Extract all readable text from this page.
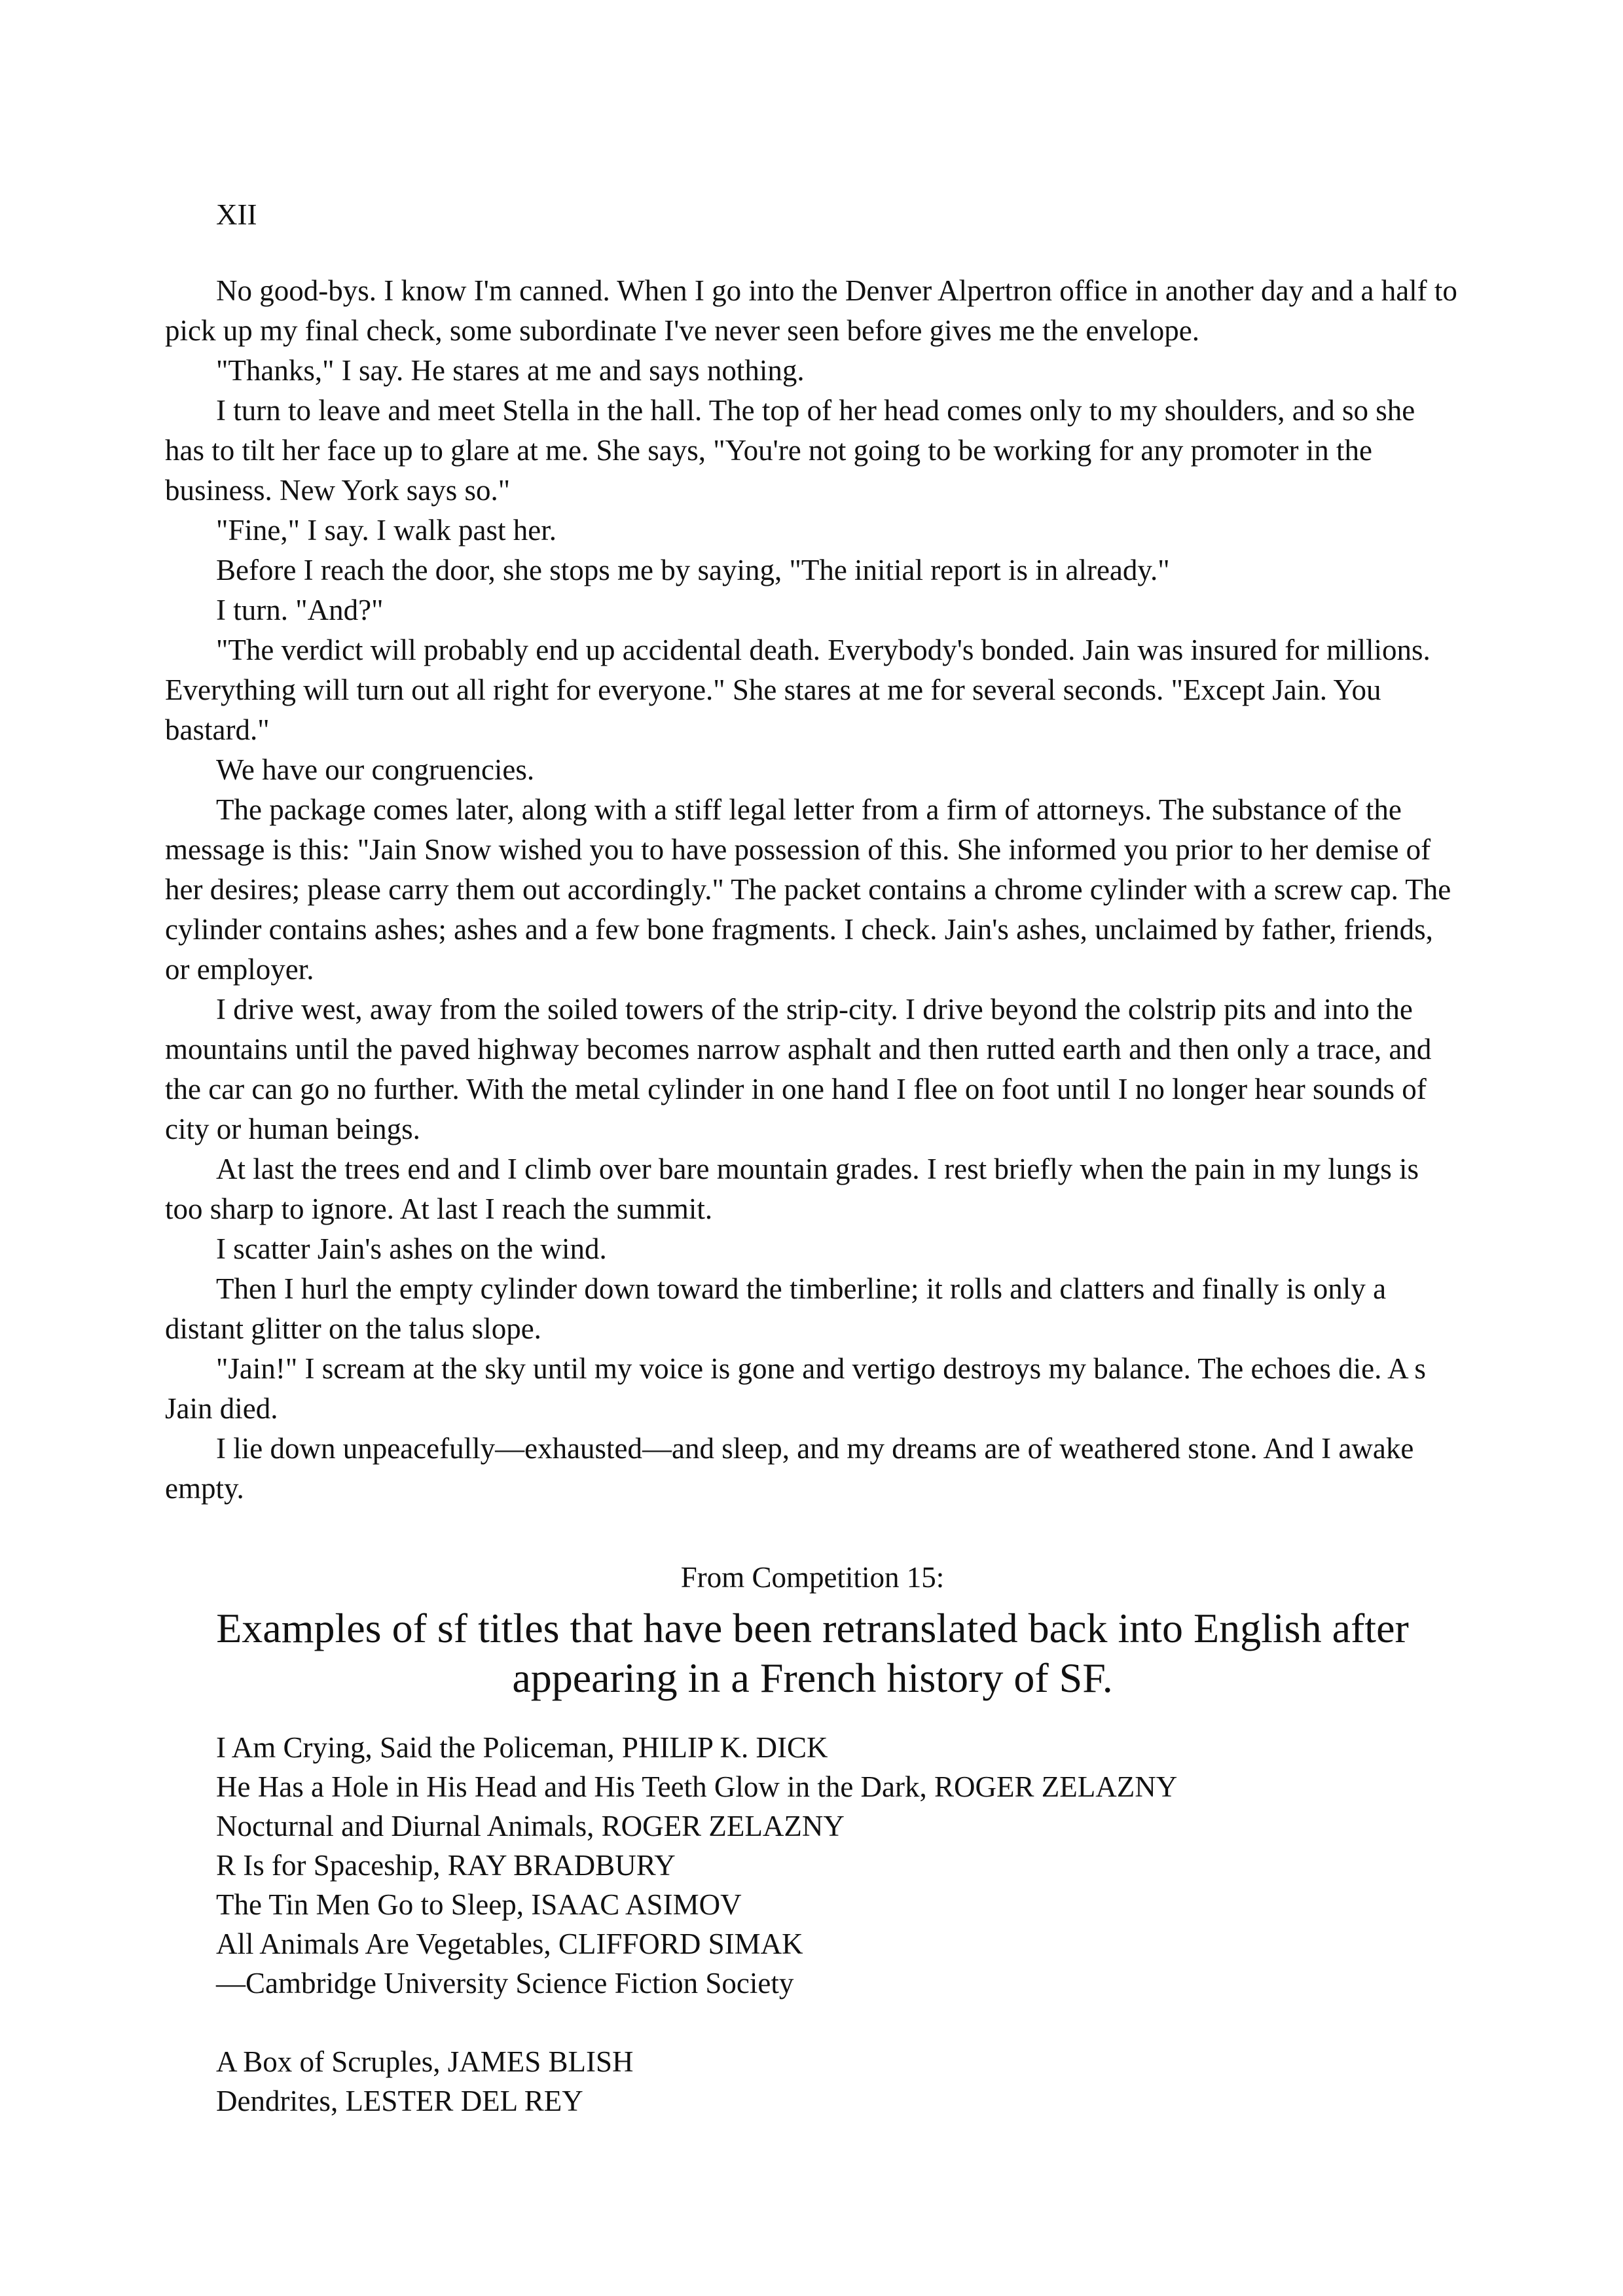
XII

No good-bys. I know I'm canned. When I go into the Denver Alpertron office in another day and a half to pick up my final check, some subordinate I've never seen before gives me the envelope.

"Thanks," I say. He stares at me and says nothing.

I turn to leave and meet Stella in the hall. The top of her head comes only to my shoulders, and so she has to tilt her face up to glare at me. She says, "You're not going to be working for any promoter in the business. New York says so."

"Fine," I say. I walk past her.

Before I reach the door, she stops me by saying, "The initial report is in already."

I turn. "And?"

"The verdict will probably end up accidental death. Everybody's bonded. Jain was insured for millions. Everything will turn out all right for everyone." She stares at me for several seconds. "Except Jain. You bastard."

We have our congruencies.

The package comes later, along with a stiff legal letter from a firm of attorneys. The substance of the message is this: "Jain Snow wished you to have possession of this. She informed you prior to her demise of her desires; please carry them out accordingly." The packet contains a chrome cylinder with a screw cap. The cylinder contains ashes; ashes and a few bone fragments. I check. Jain's ashes, unclaimed by father, friends, or employer.

I drive west, away from the soiled towers of the strip-city. I drive beyond the colstrip pits and into the mountains until the paved highway becomes narrow asphalt and then rutted earth and then only a trace, and the car can go no further. With the metal cylinder in one hand I flee on foot until I no longer hear sounds of city or human beings.

At last the trees end and I climb over bare mountain grades. I rest briefly when the pain in my lungs is too sharp to ignore. At last I reach the summit.

I scatter Jain's ashes on the wind.

Then I hurl the empty cylinder down toward the timberline; it rolls and clatters and finally is only a distant glitter on the talus slope.

"Jain!" I scream at the sky until my voice is gone and vertigo destroys my balance. The echoes die. A s Jain died.

I lie down unpeacefully—exhausted—and sleep, and my dreams are of weathered stone. And I awake empty.

From Competition 15:
Examples of sf titles that have been retranslated back into English after appearing in a French history of SF.

I Am Crying, Said the Policeman, PHILIP K. DICK

He Has a Hole in His Head and His Teeth Glow in the Dark, ROGER ZELAZNY

Nocturnal and Diurnal Animals, ROGER ZELAZNY

R Is for Spaceship, RAY BRADBURY

The Tin Men Go to Sleep, ISAAC ASIMOV

All Animals Are Vegetables, CLIFFORD SIMAK

—Cambridge University Science Fiction Society

A Box of Scruples, JAMES BLISH

Dendrites, LESTER DEL REY
